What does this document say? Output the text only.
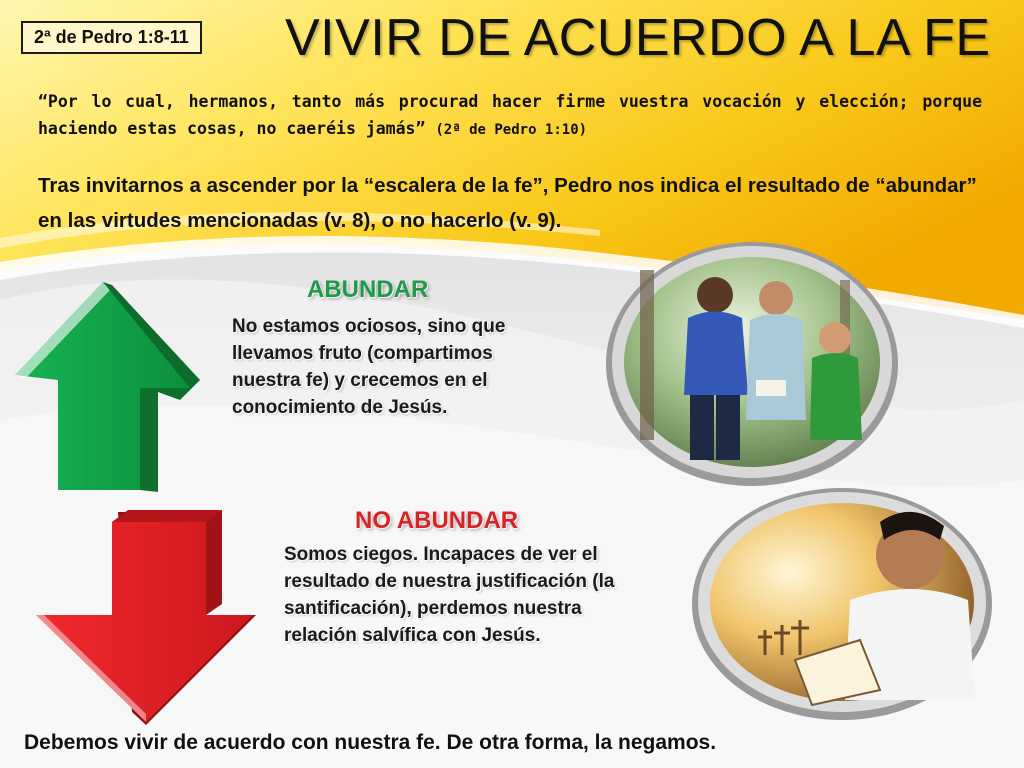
2ª de Pedro 1:8-11 VIVIR DE ACUERDO A LA FE

“Por lo cual, hermanos, tanto más procurad hacer firme vuestra vocación y elección; porque haciendo estas cosas, no caeréis jamás” (2ª de Pedro 1:10)

Tras invitarnos a ascender por la “escalera de la fe”, Pedro nos indica el resultado de “abundar” en las virtudes mencionadas (v. 8), o no hacerlo (v. 9).

ABUNDAR
No estamos ociosos, sino que llevamos fruto (compartimos nuestra fe) y crecemos en el conocimiento de Jesús.
NO ABUNDAR
Somos ciegos. Incapaces de ver el resultado de nuestra justificación (la santificación), perdemos nuestra relación salvífica con Jesús.

Debemos vivir de acuerdo con nuestra fe. De otra forma, la negamos.
